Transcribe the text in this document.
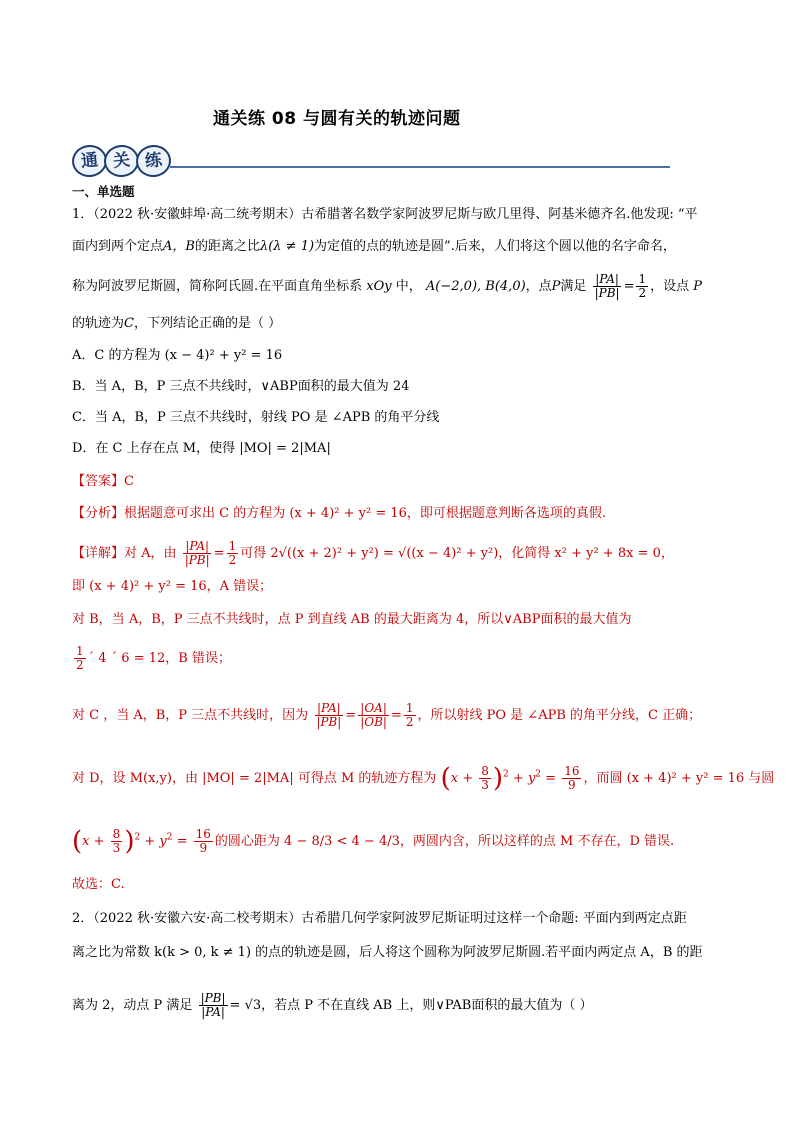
通关练 08 与圆有关的轨迹问题
通 关 练
一、单选题
1．（2022 秋·安徽蚌埠·高二统考期末）古希腊著名数学家阿波罗尼斯与欧几里得、阿基米德齐名.他发现: “平
面内到两个定点A，B的距离之比λ(λ ≠ 1)为定值的点的轨迹是圆”.后来，人们将这个圆以他的名字命名，
称为阿波罗尼斯圆，简称阿氏圆.在平面直角坐标系 xOy 中， A(−2,0), B(4,0)，点P满足 $\frac{|PA|}{|PB|} = \frac{1}{2}$ ，设点 P
的轨迹为C，下列结论正确的是（ ）
A．C 的方程为 (x − 4)² + y² = 16
B．当 A，B，P 三点不共线时，∨ABP面积的最大值为 24
C．当 A，B，P 三点不共线时，射线 PO 是 ∠APB 的角平分线
D．在 C 上存在点 M，使得 |MO| = 2|MA|
【答案】C
【分析】根据题意可求出 C 的方程为 (x + 4)² + y² = 16，即可根据题意判断各选项的真假.
【详解】对 A，由 $\frac{|PA|}{|PB|} = \frac{1}{2}$ 可得 2√((x + 2)² + y²) = √((x − 4)² + y²)，化简得 x² + y² + 8x = 0，
即 (x + 4)² + y² = 16，A 错误；
对 B，当 A，B，P 三点不共线时，点 P 到直线 AB 的最大距离为 4，所以∨ABP面积的最大值为
$\frac{1}{2}$ ´ 4 ´ 6 = 12，B 错误；
对 C ，当 A，B，P 三点不共线时，因为 $\frac{|PA|}{|PB|} = \frac{|OA|}{|OB|} = \frac{1}{2}$ ，所以射线 PO 是 ∠APB 的角平分线，C 正确；
对 D，设 M(x,y)，由 |MO| = 2|MA| 可得点 M 的轨迹方程为 $(x + \frac{8}{3} )^2 + y^2 = \frac{16}{9}$ ，而圆 (x + 4)² + y² = 16 与圆
$(x + \frac{8}{3} )^2 + y^2 = \frac{16}{9}$ 的圆心距为 4 − 8/3 < 4 − 4/3，两圆内含，所以这样的点 M 不存在，D 错误.
故选：C.
2．（2022 秋·安徽六安·高二校考期末）古希腊几何学家阿波罗尼斯证明过这样一个命题: 平面内到两定点距
离之比为常数 k(k > 0, k ≠ 1) 的点的轨迹是圆，后人将这个圆称为阿波罗尼斯圆.若平面内两定点 A，B 的距
离为 2，动点 P 满足 $\frac{|PB|}{|PA|} = √3$，若点 P 不在直线 AB 上，则∨PAB面积的最大值为（ ）
